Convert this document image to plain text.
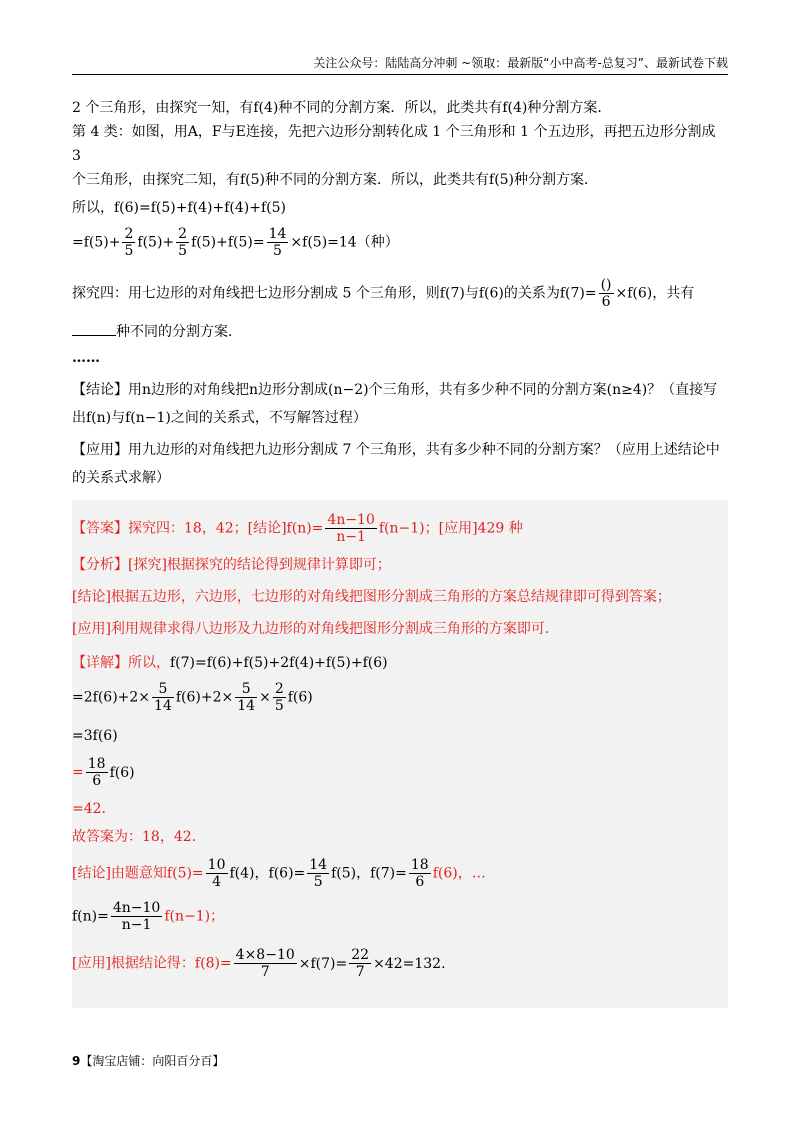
关注公众号：陆陆高分冲刺 ~领取：最新版“小中高考-总复习”、最新试卷下载
2 个三角形，由探究一知，有f(4)种不同的分割方案．所以，此类共有f(4)种分割方案．
第 4 类：如图，用A，F与E连接，先把六边形分割转化成 1 个三角形和 1 个五边形，再把五边形分割成 3
个三角形，由探究二知，有f(5)种不同的分割方案．所以，此类共有f(5)种分割方案．
所以，f(6)=f(5)+f(4)+f(4)+f(5)
$=f(5)+ \frac{2}{5} f(5)+ \frac{2}{5} f(5)+f(5)= \frac{14}{5} \times f(5)=14$（种）
探究四：用七边形的对角线把七边形分割成 5 个三角形，则f(7)与f(6)的关系为$f(7)= \frac{()}{6} \times f(6)$，共有
种不同的分割方案．
……
【结论】用n边形的对角线把n边形分割成(n−2)个三角形，共有多少种不同的分割方案(n≥4)？（直接写
出f(n)与f(n−1)之间的关系式，不写解答过程）
【应用】用九边形的对角线把九边形分割成 7 个三角形，共有多少种不同的分割方案？（应用上述结论中
的关系式求解）
【答案】探究四：18，42；[结论]$f(n)= \frac{4n-10}{n-1} f(n-1)$；[应用]429 种
【分析】[探究]根据探究的结论得到规律计算即可；
[结论]根据五边形，六边形，七边形的对角线把图形分割成三角形的方案总结规律即可得到答案；
[应用]利用规律求得八边形及九边形的对角线把图形分割成三角形的方案即可．
【详解】所以，f(7)=f(6)+f(5)+2f(4)+f(5)+f(6)
$=2f(6)+2\times \frac{5}{14} f(6)+2\times \frac{5}{14} \times \frac{2}{5} f(6)$
=3f(6)
= $\frac{18}{6} f(6)$
=42．
故答案为：18，42．
[结论]由题意知$f(5)= \frac{10}{4} f(4)$，$f(6)= \frac{14}{5} f(5)$，$f(7)= \frac{18}{6} f(6)$，…
$f(n)= \frac{4n-10}{n-1} f(n-1)$；
[应用]根据结论得：$f(8)= \frac{4\times 8-10}{7} \times f(7)= \frac{22}{7} \times 42=132$.
9【淘宝店铺：向阳百分百】
